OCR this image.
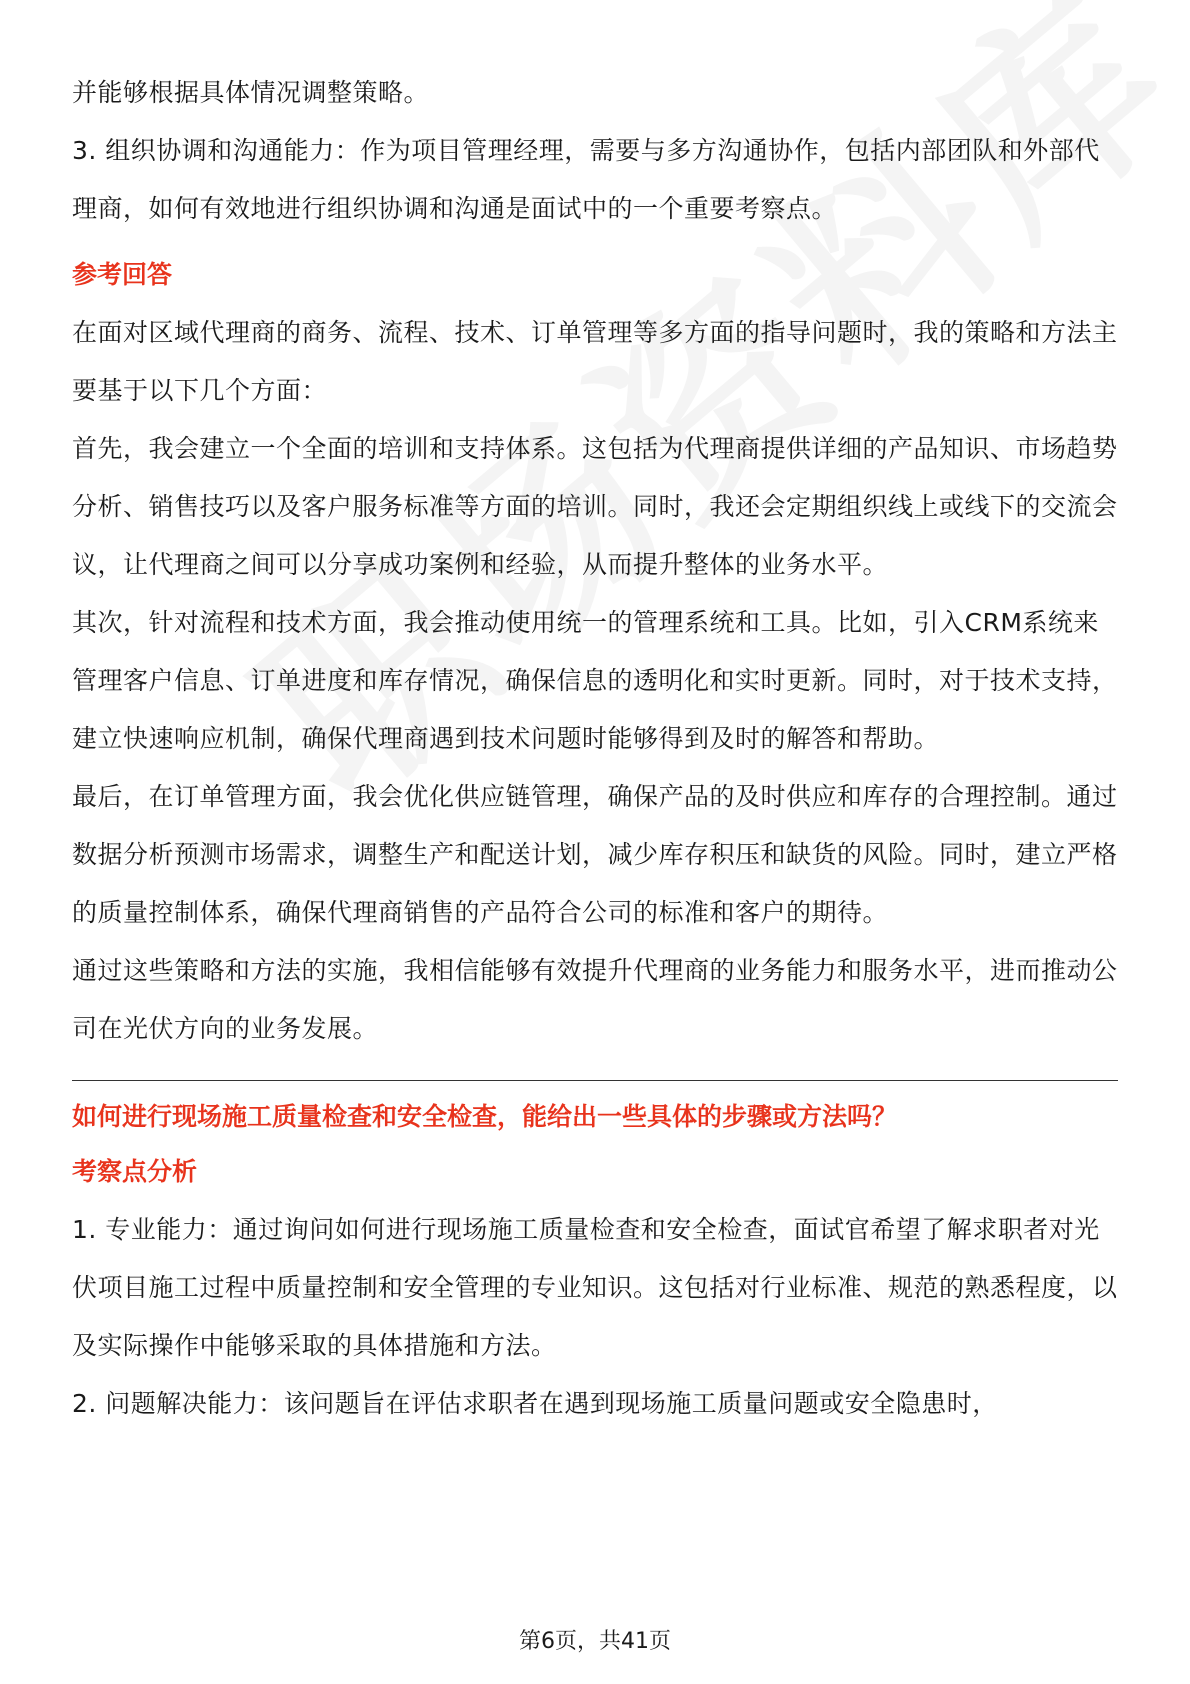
并能够根据具体情况调整策略。

3. 组织协调和沟通能力：作为项目管理经理，需要与多方沟通协作，包括内部团队和外部代理商，如何有效地进行组织协调和沟通是面试中的一个重要考察点。

参考回答

在面对区域代理商的商务、流程、技术、订单管理等多方面的指导问题时，我的策略和方法主要基于以下几个方面：

首先，我会建立一个全面的培训和支持体系。这包括为代理商提供详细的产品知识、市场趋势分析、销售技巧以及客户服务标准等方面的培训。同时，我还会定期组织线上或线下的交流会议，让代理商之间可以分享成功案例和经验，从而提升整体的业务水平。

其次，针对流程和技术方面，我会推动使用统一的管理系统和工具。比如，引入CRM系统来管理客户信息、订单进度和库存情况，确保信息的透明化和实时更新。同时，对于技术支持，建立快速响应机制，确保代理商遇到技术问题时能够得到及时的解答和帮助。

最后，在订单管理方面，我会优化供应链管理，确保产品的及时供应和库存的合理控制。通过数据分析预测市场需求，调整生产和配送计划，减少库存积压和缺货的风险。同时，建立严格的质量控制体系，确保代理商销售的产品符合公司的标准和客户的期待。

通过这些策略和方法的实施，我相信能够有效提升代理商的业务能力和服务水平，进而推动公司在光伏方向的业务发展。

如何进行现场施工质量检查和安全检查，能给出一些具体的步骤或方法吗？

考察点分析

1. 专业能力：通过询问如何进行现场施工质量检查和安全检查，面试官希望了解求职者对光伏项目施工过程中质量控制和安全管理的专业知识。这包括对行业标准、规范的熟悉程度，以及实际操作中能够采取的具体措施和方法。

2. 问题解决能力：该问题旨在评估求职者在遇到现场施工质量问题或安全隐患时，

第6页，共41页
